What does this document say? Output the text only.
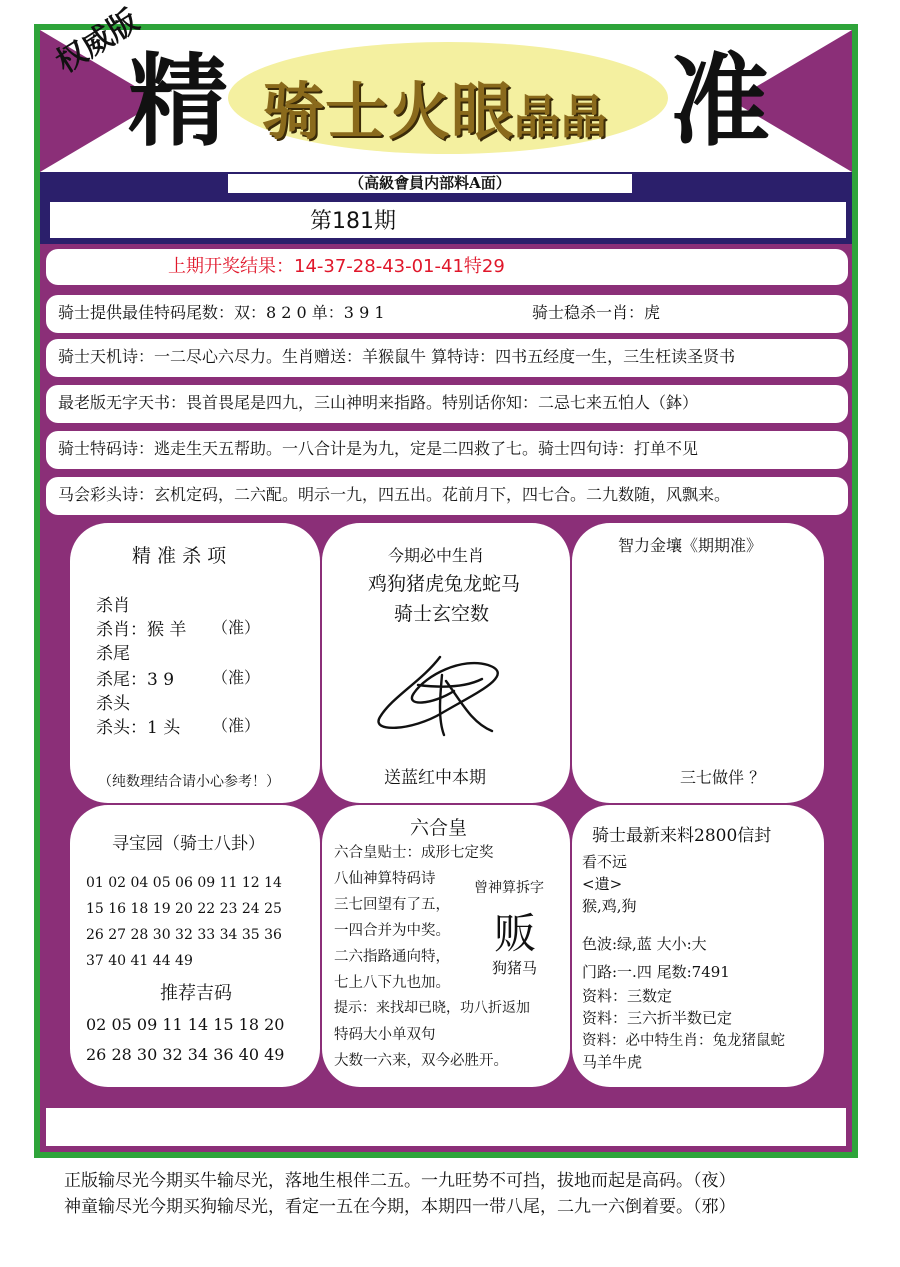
权威版
精 骑士火眼晶晶 准
（高級會員内部料A面）
第181期
上期开奖结果：14-37-28-43-01-41特29
骑士提供最佳特码尾数：双：8 2 0 单：3 9 1	骑士稳杀一肖：虎
骑士天机诗：一二尽心六尽力。生肖赠送：羊猴鼠牛 算特诗：四书五经度一生，三生枉读圣贤书
最老版无字天书：畏首畏尾是四九，三山神明来指路。特别话你知：二忌七来五怕人（鉢）
骑士特码诗：逃走生天五帮助。一八合计是为九，定是二四救了七。骑士四句诗：打单不见
马会彩头诗：玄机定码，二六配。明示一九，四五出。花前月下，四七合。二九数随，风飘来。
精 准 杀 项
杀肖
杀肖：猴 羊 （准）
杀尾
杀尾：3 9 （准）
杀头
杀头：1 头 （准）
（纯数理结合请小心参考！）
今期必中生肖
鸡狗猪虎兔龙蛇马
骑士玄空数
送蓝红中本期
智力金壤《期期准》
三七做伴 ？
寻宝园（骑士八卦）
01 02 04 05 06 09 11 12 14
15 16 18 19 20 22 23 24 25
26 27 28 30 32 33 34 35 36
37 40 41 44 49
推荐吉码
02 05 09 11 14 15 18 20
26 28 30 32 34 36 40 49
六合皇
六合皇贴士：成形七定奖
八仙神算特码诗
三七回望有了五，
一四合并为中奖。
二六指路通向特，
七上八下九也加。
提示：来找却已晓，功八折返加
特码大小单双句
大数一六来，双今必胜开。
曾神算拆字
贩
狗猪马
骑士最新来料2800信封
看不远
<遺>
猴,鸡,狗
色波:绿,蓝 大小:大
门路:一.四 尾数:7491
资料：三数定
资料：三六折半数已定
资料：必中特生肖：兔龙猪鼠蛇
马羊牛虎
正版输尽光今期买牛输尽光，落地生根伴二五。一九旺势不可挡，拔地而起是高码。（夜）
神童输尽光今期买狗输尽光，看定一五在今期，本期四一带八尾，二九一六倒着要。（邪）
